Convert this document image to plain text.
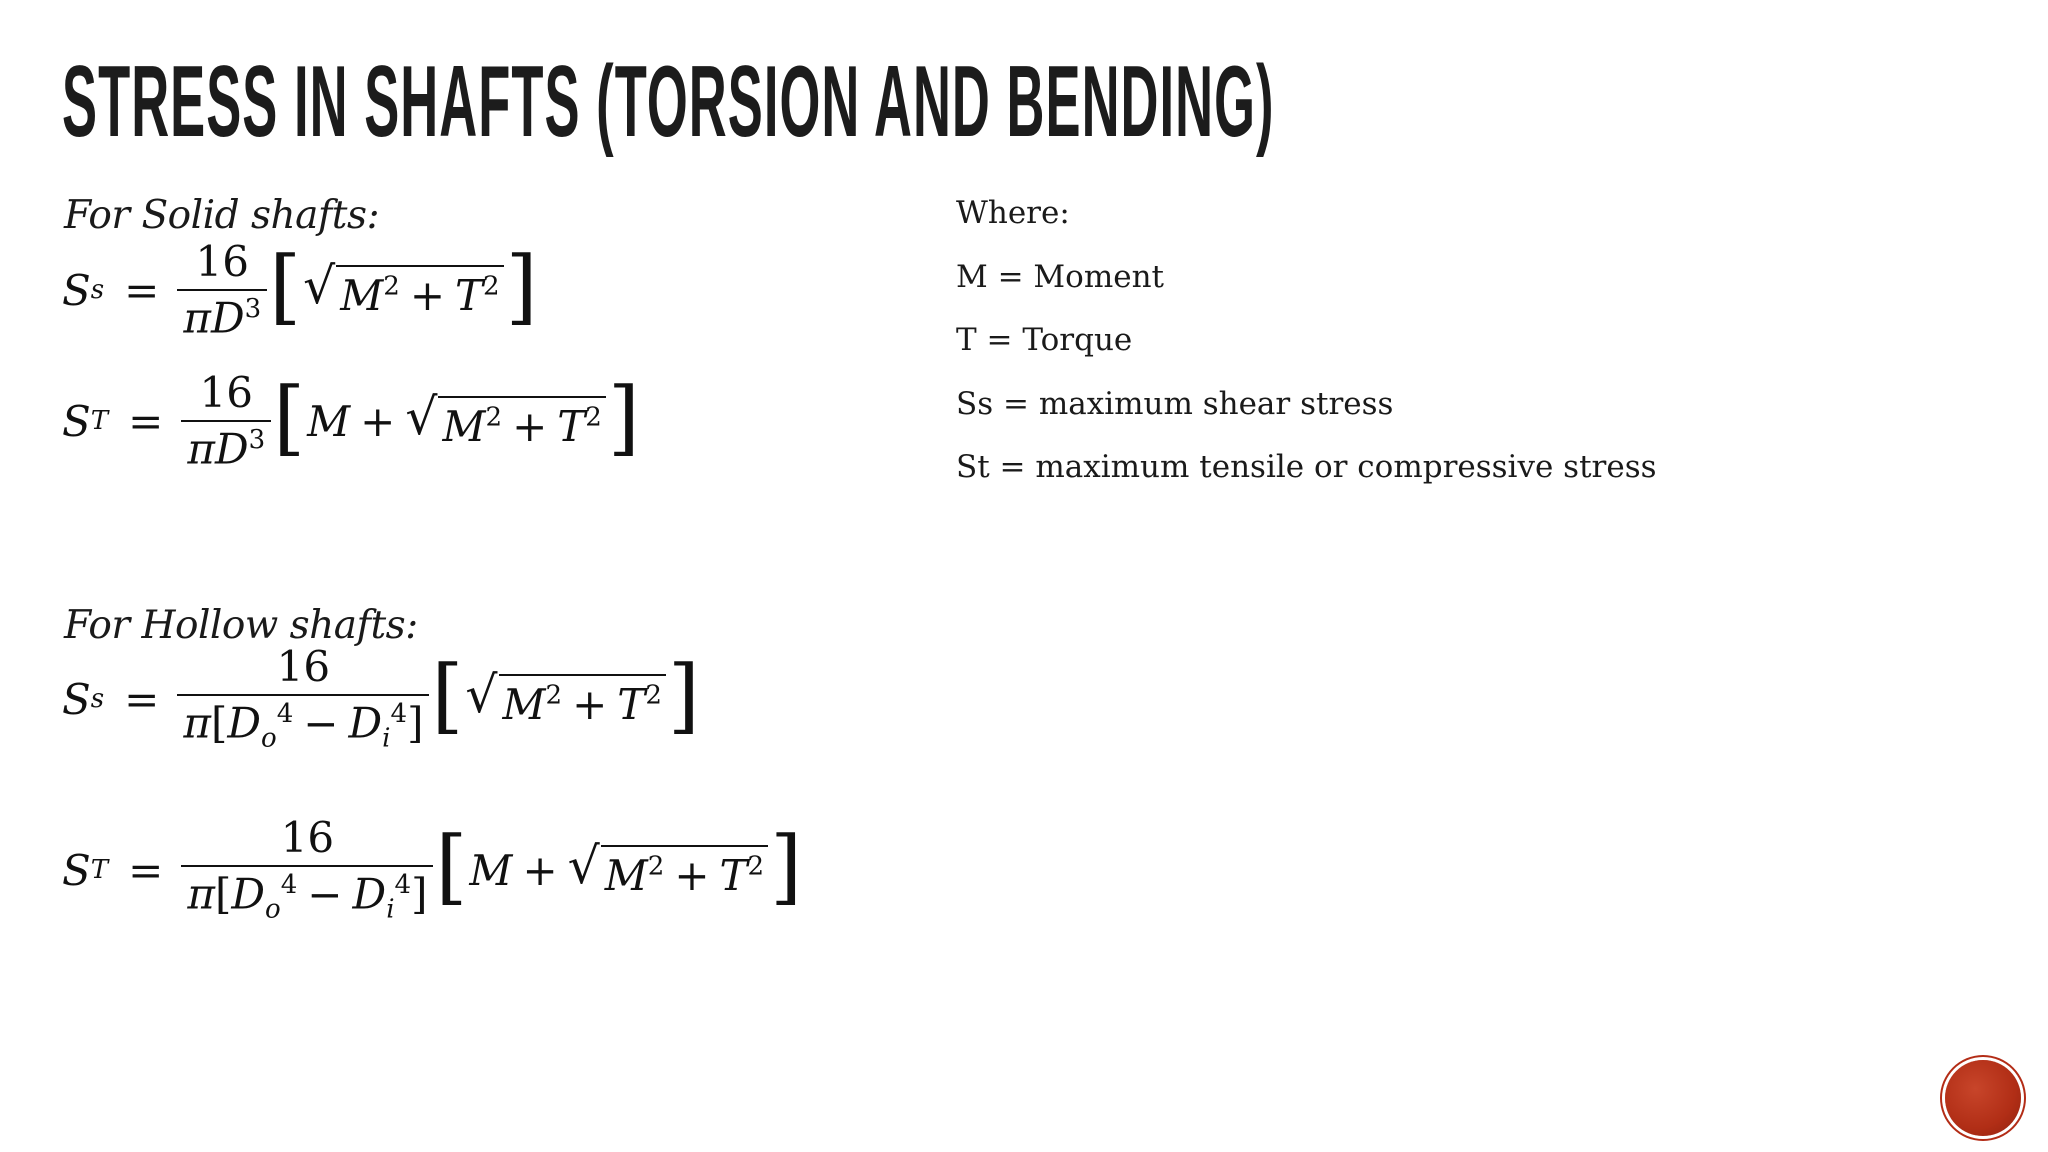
STRESS IN SHAFTS (TORSION AND BENDING)

For Solid shafts:

S $s = \frac{16}{\pi D^3}$ [ √ $M^2 + T^2$ ]
S $T = \frac{16}{\pi D^3}$ [ M + √ $M^2 + T^2$ ]

For Hollow shafts:

S $s = \frac{16}{\pi[D_o^4 - D_i^4]}$ [ √ $M^2 + T^2$ ]
S $T = \frac{16}{\pi[D_o^4 - D_i^4]}$ [ M + √ $M^2 + T^2$ ]
Where:
M = Moment
T = Torque
Ss = maximum shear stress
St = maximum tensile or compressive stress
